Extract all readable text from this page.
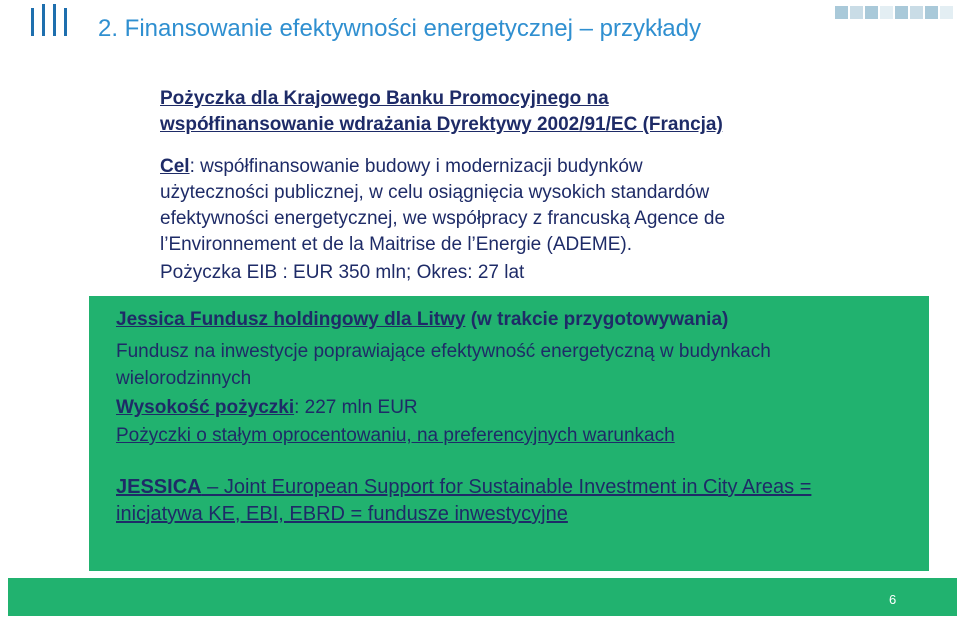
2. Finansowanie efektywności energetycznej – przykłady
Pożyczka dla Krajowego Banku Promocyjnego na
współfinansowanie wdrażania Dyrektywy 2002/91/EC (Francja)
Cel: współfinansowanie budowy i modernizacji budynków
użyteczności publicznej, w celu osiągnięcia wysokich standardów
efektywności energetycznej, we współpracy z francuską Agence de
l’Environnement et de la Maitrise de l’Energie (ADEME).
Pożyczka EIB : EUR 350 mln; Okres: 27 lat
Jessica Fundusz holdingowy dla Litwy (w trakcie przygotowywania)
Fundusz na inwestycje poprawiające efektywność energetyczną w budynkach
wielorodzinnych
Wysokość pożyczki: 227 mln EUR
Pożyczki o stałym oprocentowaniu, na preferencyjnych warunkach
JESSICA – Joint European Support for Sustainable Investment in City Areas =
inicjatywa KE, EBI, EBRD = fundusze inwestycyjne
6
